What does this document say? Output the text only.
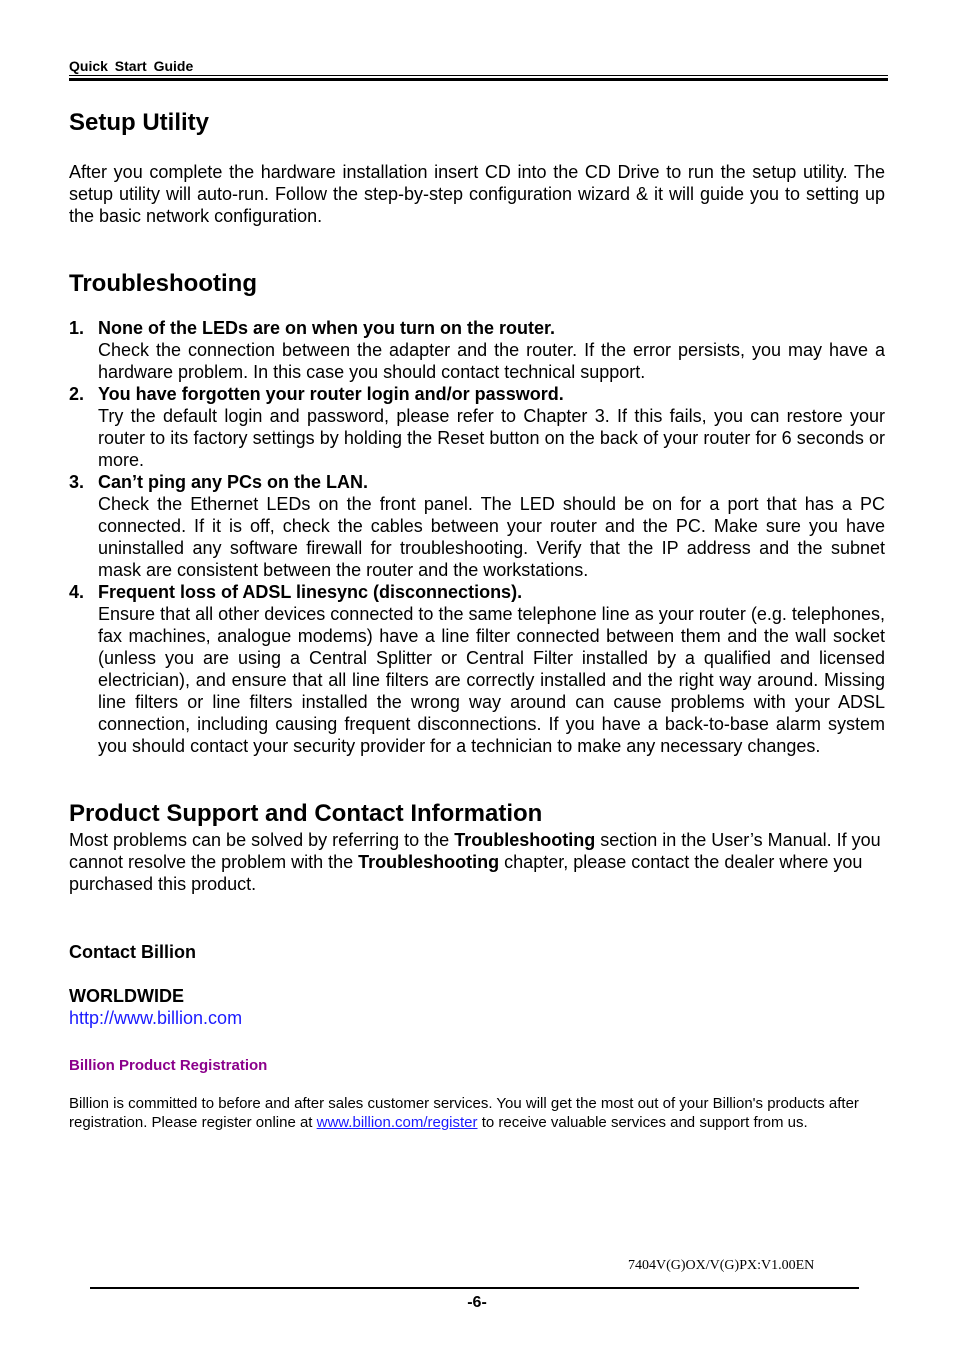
Quick Start Guide
Setup Utility

After you complete the hardware installation insert CD into the CD Drive to run the setup utility. The setup utility will auto-run. Follow the step-by-step configuration wizard & it will guide you to setting up the basic network configuration.

Troubleshooting
1. None of the LEDs are on when you turn on the router.
Check the connection between the adapter and the router. If the error persists, you may have a hardware problem. In this case you should contact technical support.
2. You have forgotten your router login and/or password.
Try the default login and password, please refer to Chapter 3. If this fails, you can restore your router to its factory settings by holding the Reset button on the back of your router for 6 seconds or more.
3. Can’t ping any PCs on the LAN.
Check the Ethernet LEDs on the front panel. The LED should be on for a port that has a PC connected. If it is off, check the cables between your router and the PC. Make sure you have uninstalled any software firewall for troubleshooting. Verify that the IP address and the subnet mask are consistent between the router and the workstations.
4. Frequent loss of ADSL linesync (disconnections).
Ensure that all other devices connected to the same telephone line as your router (e.g. telephones, fax machines, analogue modems) have a line filter connected between them and the wall socket (unless you are using a Central Splitter or Central Filter installed by a qualified and licensed electrician), and ensure that all line filters are correctly installed and the right way around. Missing line filters or line filters installed the wrong way around can cause problems with your ADSL connection, including causing frequent disconnections. If you have a back-to-base alarm system you should contact your security provider for a technician to make any necessary changes.
Product Support and Contact Information

Most problems can be solved by referring to the Troubleshooting section in the User’s Manual. If you cannot resolve the problem with the Troubleshooting chapter, please contact the dealer where you purchased this product.

Contact Billion
WORLDWIDE
http://www.billion.com
Billion Product Registration

Billion is committed to before and after sales customer services. You will get the most out of your Billion's products after registration. Please register online at www.billion.com/register to receive valuable services and support from us.

7404V(G)OX/V(G)PX:V1.00EN
-6-
